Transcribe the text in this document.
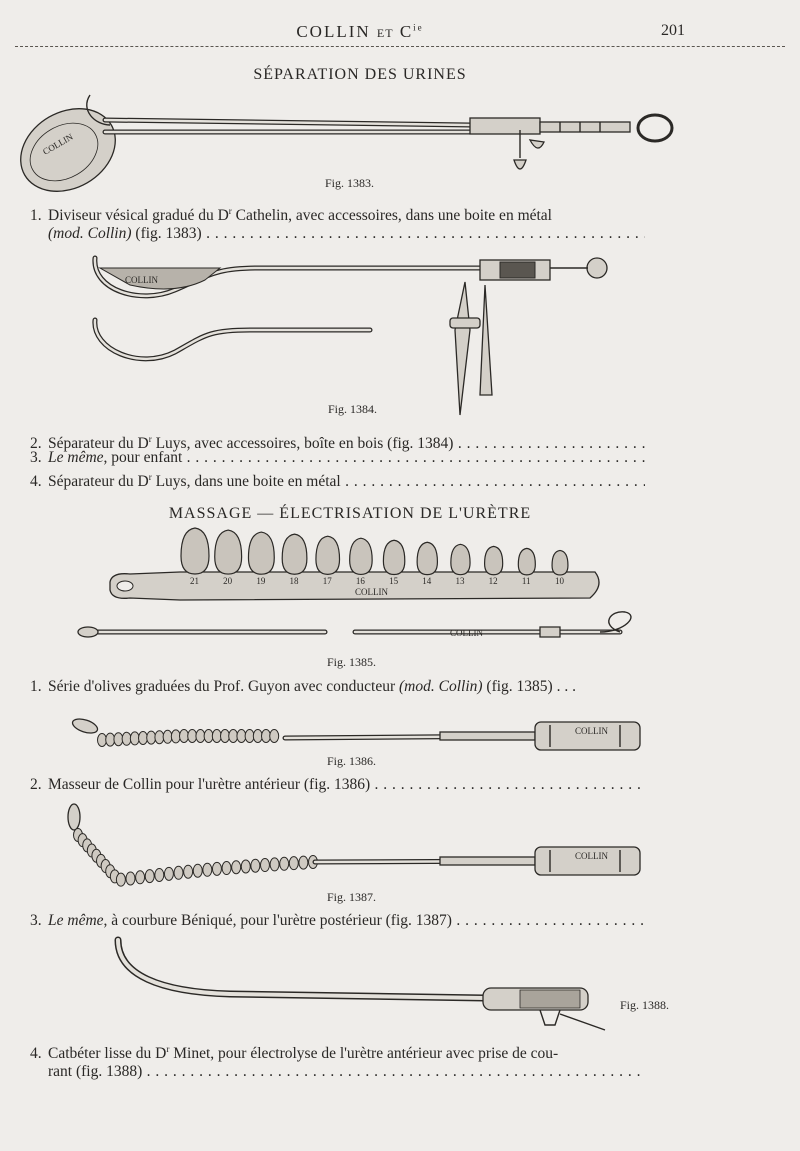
COLLIN ET $C^{ie}$	201
SÉPARATION DES URINES
COLLIN
Fig. 1383.
1. Diviseur vésical gradué du $D^r$ Cathelin, avec accessoires, dans une boite en métal
(mod. Collin) (fig. 1383) . . .
COLLIN
Fig. 1384.
2. Séparateur du $D^r$ Luys, avec accessoires, boîte en bois (fig. 1384) . . .
3. Le même, pour enfant . . .
4. Séparateur du $D^r$ Luys, dans une boite en métal . . .
MASSAGE — ÉLECTRISATION DE L'URÈTRE
21	20	19	18	17	16	15	14	13	12	11	10
COLLIN
COLLIN
Fig. 1385.
1. Série d'olives graduées du Prof. Guyon avec conducteur (mod. Collin) (fig. 1385) . . .
COLLIN
Fig. 1386.
2. Masseur de Collin pour l'urètre antérieur (fig. 1386) . . .
COLLIN
Fig. 1387.
3. Le même, à courbure Béniqué, pour l'urètre postérieur (fig. 1387) . . .
Fig. 1388.
4. Catbéter lisse du $D^r$ Minet, pour électrolyse de l'urètre antérieur avec prise de cou-
rant (fig. 1388) . . .
